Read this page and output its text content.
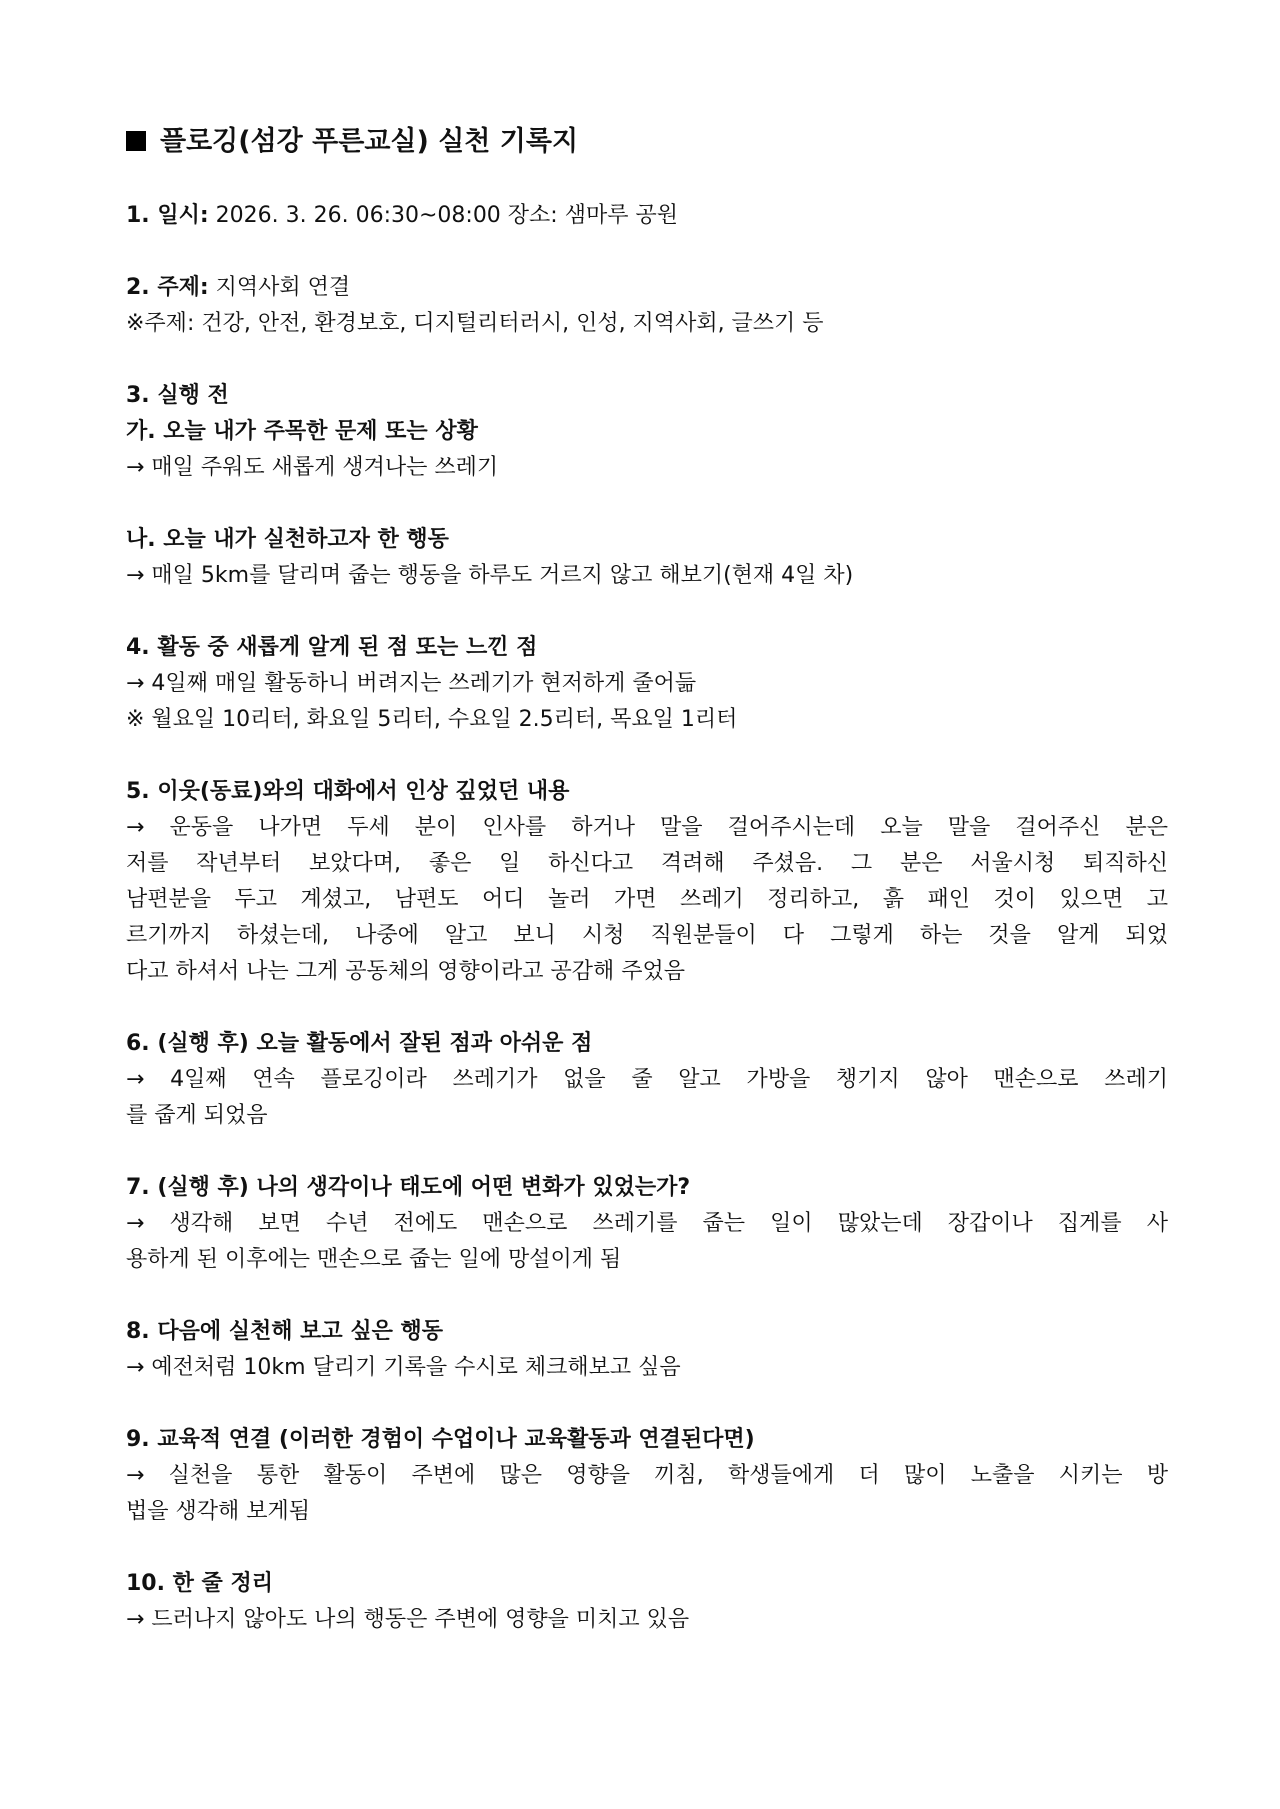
플로깅(섬강 푸른교실) 실천 기록지
1. 일시: 2026. 3. 26. 06:30~08:00 장소: 샘마루 공원
2. 주제: 지역사회 연결
※주제: 건강, 안전, 환경보호, 디지털리터러시, 인성, 지역사회, 글쓰기 등
3. 실행 전
가. 오늘 내가 주목한 문제 또는 상황
→ 매일 주워도 새롭게 생겨나는 쓰레기
나. 오늘 내가 실천하고자 한 행동
→ 매일 5km를 달리며 줍는 행동을 하루도 거르지 않고 해보기(현재 4일 차)
4. 활동 중 새롭게 알게 된 점 또는 느낀 점
→ 4일째 매일 활동하니 버려지는 쓰레기가 현저하게 줄어듦
※ 월요일 10리터, 화요일 5리터, 수요일 2.5리터, 목요일 1리터
5. 이웃(동료)와의 대화에서 인상 깊었던 내용
→ 운동을 나가면 두세 분이 인사를 하거나 말을 걸어주시는데 오늘 말을 걸어주신 분은
저를 작년부터 보았다며, 좋은 일 하신다고 격려해 주셨음. 그 분은 서울시청 퇴직하신
남편분을 두고 계셨고, 남편도 어디 놀러 가면 쓰레기 정리하고, 흙 패인 것이 있으면 고
르기까지 하셨는데, 나중에 알고 보니 시청 직원분들이 다 그렇게 하는 것을 알게 되었
다고 하셔서 나는 그게 공동체의 영향이라고 공감해 주었음
6. (실행 후) 오늘 활동에서 잘된 점과 아쉬운 점
→ 4일째 연속 플로깅이라 쓰레기가 없을 줄 알고 가방을 챙기지 않아 맨손으로 쓰레기
를 줍게 되었음
7. (실행 후) 나의 생각이나 태도에 어떤 변화가 있었는가?
→ 생각해 보면 수년 전에도 맨손으로 쓰레기를 줍는 일이 많았는데 장갑이나 집게를 사
용하게 된 이후에는 맨손으로 줍는 일에 망설이게 됨
8. 다음에 실천해 보고 싶은 행동
→ 예전처럼 10km 달리기 기록을 수시로 체크해보고 싶음
9. 교육적 연결 (이러한 경험이 수업이나 교육활동과 연결된다면)
→ 실천을 통한 활동이 주변에 많은 영향을 끼침, 학생들에게 더 많이 노출을 시키는 방
법을 생각해 보게됨
10. 한 줄 정리
→ 드러나지 않아도 나의 행동은 주변에 영향을 미치고 있음
